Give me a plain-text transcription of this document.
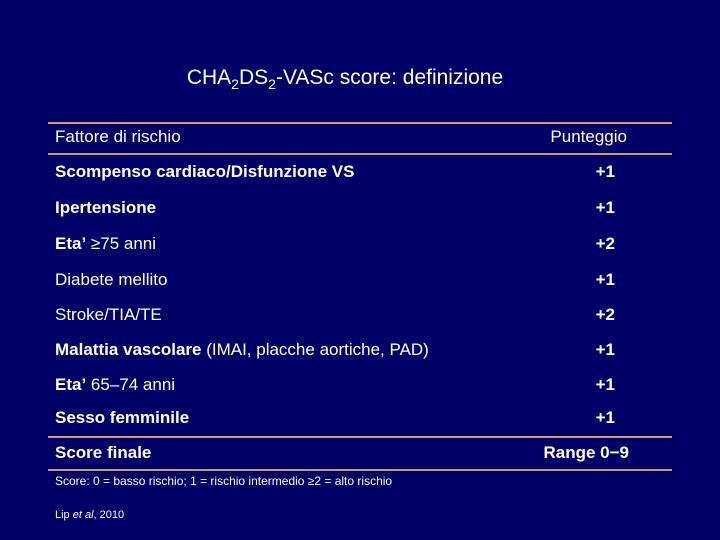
$CHA_2DS_2$-VASc score: definizione
Fattore di rischio	Punteggio
Scompenso cardiaco/Disfunzione VS	+1
Ipertensione	+1
Eta’ ≥75 anni	+2
Diabete mellito	+1
Stroke/TIA/TE	+2
Malattia vascolare (IMAI, placche aortiche, PAD)	+1
Eta’ 65–74 anni	+1
Sesso femminile	+1
Score finale	Range 0−9
Score: 0 = basso rischio; 1 = rischio intermedio ≥2 = alto rischio
Lip et al, 2010
